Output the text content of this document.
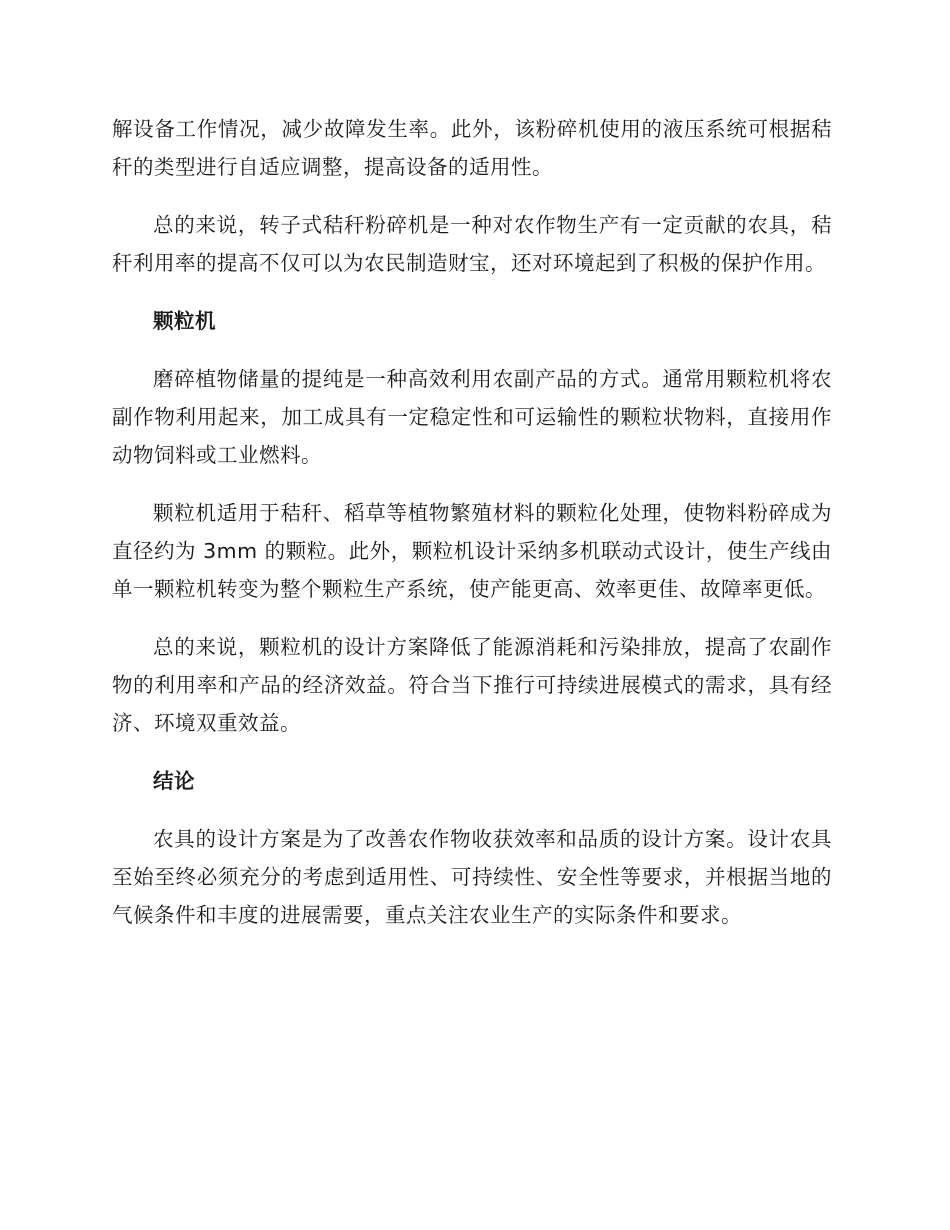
解设备工作情况，减少故障发生率。此外，该粉碎机使用的液压系统可根据秸秆的类型进行自适应调整，提高设备的适用性。

总的来说，转子式秸秆粉碎机是一种对农作物生产有一定贡献的农具，秸秆利用率的提高不仅可以为农民制造财宝，还对环境起到了积极的保护作用。

颗粒机

磨碎植物储量的提纯是一种高效利用农副产品的方式。通常用颗粒机将农副作物利用起来，加工成具有一定稳定性和可运输性的颗粒状物料，直接用作动物饲料或工业燃料。

颗粒机适用于秸秆、稻草等植物繁殖材料的颗粒化处理，使物料粉碎成为直径约为 3mm 的颗粒。此外，颗粒机设计采纳多机联动式设计，使生产线由单一颗粒机转变为整个颗粒生产系统，使产能更高、效率更佳、故障率更低。

总的来说，颗粒机的设计方案降低了能源消耗和污染排放，提高了农副作物的利用率和产品的经济效益。符合当下推行可持续进展模式的需求，具有经济、环境双重效益。

结论

农具的设计方案是为了改善农作物收获效率和品质的设计方案。设计农具至始至终必须充分的考虑到适用性、可持续性、安全性等要求，并根据当地的气候条件和丰度的进展需要，重点关注农业生产的实际条件和要求。
